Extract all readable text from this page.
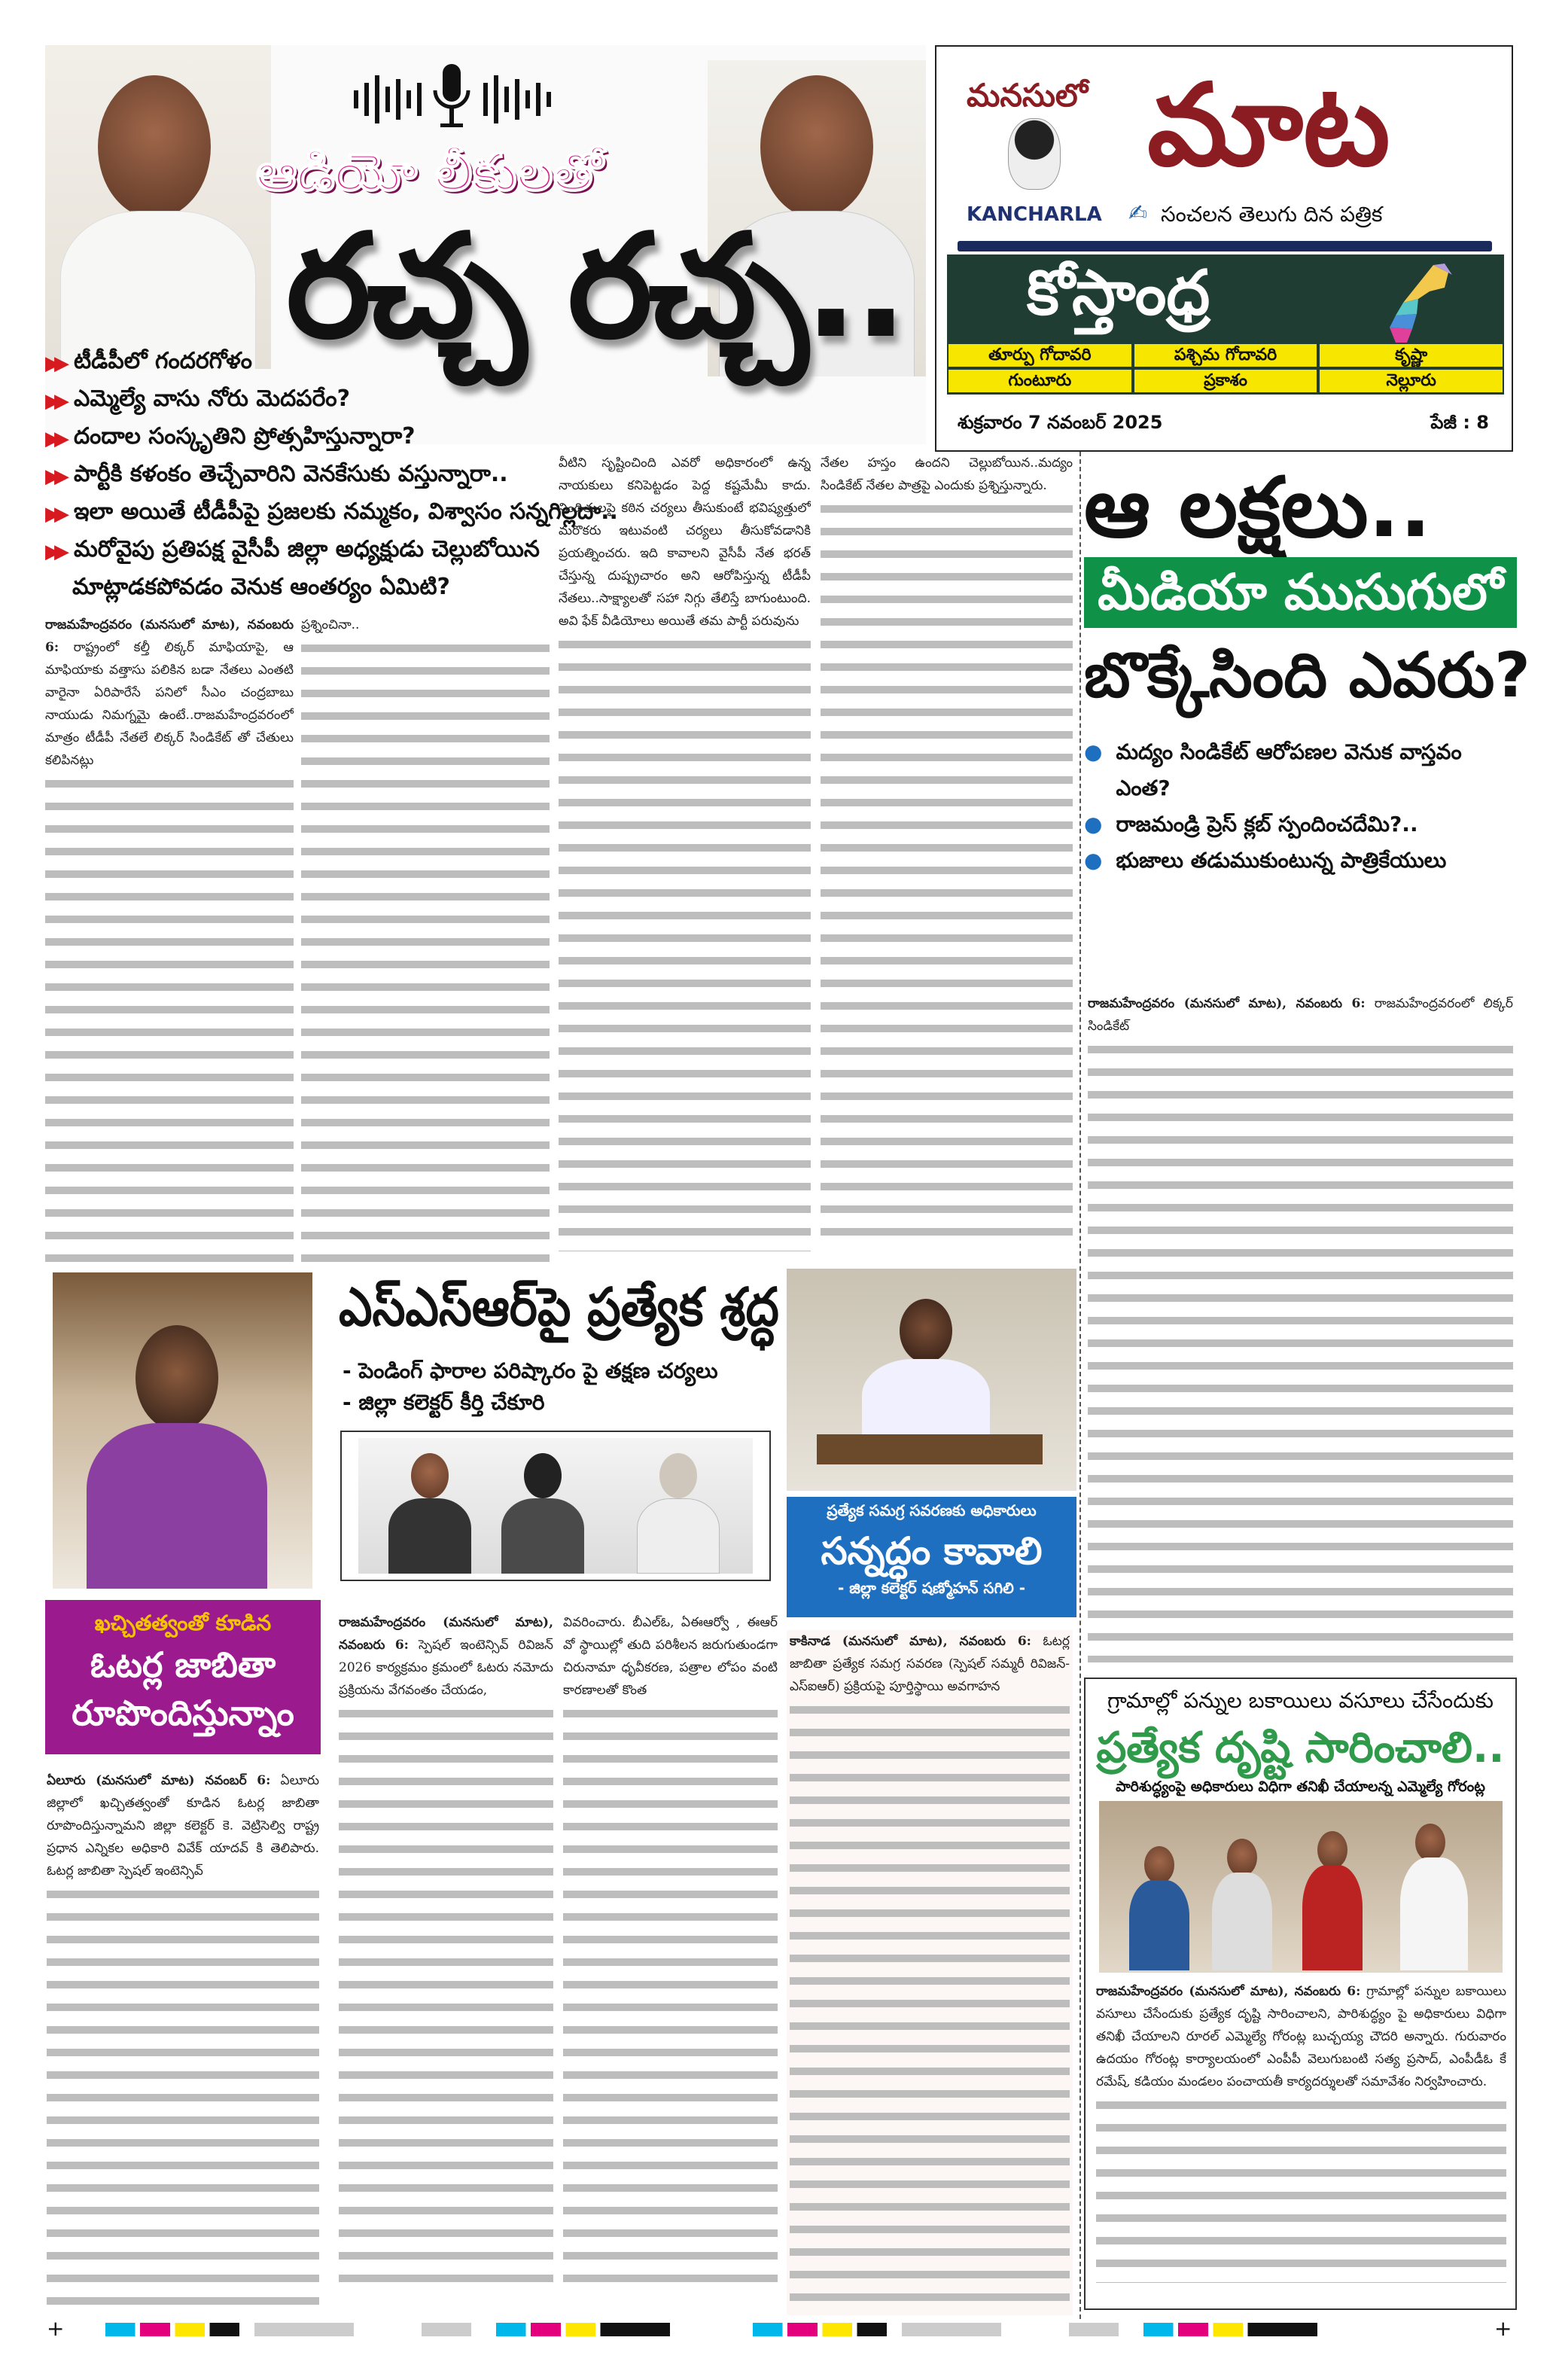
ఆడియో లీకులతో
రచ్చ రచ్చ..
▶▶ టీడీపీలో గందరగోళం
▶▶ ఎమ్మెల్యే వాసు నోరు మెదపరేం?
▶▶ దందాల సంస్కృతిని ప్రోత్సహిస్తున్నారా?
▶▶ పార్టీకి కళంకం తెచ్చేవారిని వెనకేసుకు వస్తున్నారా..
▶▶ ఇలా అయితే టీడీపీపై ప్రజలకు నమ్మకం, విశ్వాసం సన్నగిల్లదా..
▶▶ మరోవైపు ప్రతిపక్ష వైసీపీ జిల్లా అధ్యక్షుడు చెల్లుబోయిన
మాట్లాడకపోవడం వెనుక ఆంతర్యం ఏమిటి?
మనసులో మాట
KANCHARLA ✍ సంచలన తెలుగు దిన పత్రిక
కోస్తాంధ్ర
తూర్పు గోదావరి	పశ్చిమ గోదావరి	కృష్ణా
గుంటూరు	ప్రకాశం	నెల్లూరు
శుక్రవారం 7 నవంబర్ 2025	పేజీ : 8
రాజమహేంద్రవరం (మనసులో మాట), నవంబరు 6: రాష్ట్రంలో కల్తీ లిక్కర్ మాఫియాపై, ఆ మాఫియాకు వత్తాసు పలికిన బడా నేతలు ఎంతటి వారైనా ఏరిపారేసే పనిలో సీఎం చంద్రబాబు నాయుడు నిమగ్నమై ఉంటే..రాజమహేంద్రవరంలో మాత్రం టీడీపీ నేతలే లిక్కర్ సిండికేట్ తో చేతులు కలిపినట్లు
ప్రశ్నించినా..
వీటిని సృష్టించింది ఎవరో అధికారంలో ఉన్న నాయకులు కనిపెట్టడం పెద్ద కష్టమేమీ కాదు. నిందితులపై కఠిన చర్యలు తీసుకుంటే భవిష్యత్తులో మరొకరు ఇటువంటి చర్యలు తీసుకోవడానికి ప్రయత్నించరు. ఇది కావాలని వైసీపీ నేత భరత్ చేస్తున్న దుష్ప్రచారం అని ఆరోపిస్తున్న టీడీపీ నేతలు..సాక్ష్యాలతో సహా నిగ్గు తేలిస్తే బాగుంటుంది. అవి ఫేక్ వీడియోలు అయితే తమ పార్టీ పరువును
నేతల హస్తం ఉందని చెల్లుబోయిన..మద్యం సిండికేట్ నేతల పాత్రపై ఎందుకు ప్రశ్నిస్తున్నారు. ఆ లక్షలు..
మీడియా ముసుగులో
బొక్కేసింది ఎవరు?
● మద్యం సిండికేట్ ఆరోపణల వెనుక వాస్తవం ఎంత?
● రాజమండ్రి ప్రెస్ క్లబ్ స్పందించదేమి?..
● భుజాలు తడుముకుంటున్న పాత్రికేయులు
రాజమహేంద్రవరం (మనసులో మాట), నవంబరు 6: రాజమహేంద్రవరంలో లిక్కర్ సిండికేట్
ఖచ్చితత్వంతో కూడిన
ఓటర్ల జాబితా రూపొందిస్తున్నాం
ఏలూరు (మనసులో మాట) నవంబర్ 6: ఏలూరు జిల్లాలో ఖచ్చితత్వంతో కూడిన ఓటర్ల జాబితా రూపొందిస్తున్నామని జిల్లా కలెక్టర్ కె. వెట్రిసెల్వి రాష్ట్ర ప్రధాన ఎన్నికల అధికారి వివేక్ యాదవ్ కి తెలిపారు. ఓటర్ల జాబితా స్పెషల్ ఇంటెన్సివ్
ఎస్ఎస్ఆర్‌పై ప్రత్యేక శ్రద్ధ
- పెండింగ్ ఫారాల పరిష్కారం పై తక్షణ చర్యలు
- జిల్లా కలెక్టర్ కీర్తి చేకూరి
రాజమహేంద్రవరం (మనసులో మాట), నవంబరు 6: స్పెషల్ ఇంటెన్సివ్ రివిజన్ 2026 కార్యక్రమం క్రమంలో ఓటరు నమోదు ప్రక్రియను వేగవంతం చేయడం,
వివరించారు. బీఎల్ఓ, ఏఈఆర్వో , ఈఆర్ వో స్థాయిల్లో తుది పరిశీలన జరుగుతుండగా చిరునామా ధృవీకరణ, పత్రాల లోపం వంటి కారణాలతో కొంత
ప్రత్యేక సమగ్ర సవరణకు అధికారులు
సన్నద్ధం కావాలి
- జిల్లా కలెక్టర్ షణ్మోహన్ సగిలి -
కాకినాడ (మనసులో మాట), నవంబరు 6: ఓటర్ల జాబితా ప్రత్యేక సమగ్ర సవరణ (స్పెషల్ సమ్మరీ రివిజన్-ఎస్ఐఆర్) ప్రక్రియపై పూర్తిస్థాయి అవగాహన
గ్రామాల్లో పన్నుల బకాయిలు వసూలు చేసేందుకు
ప్రత్యేక దృష్టి సారించాలి..
పారిశుద్ధ్యంపై అధికారులు విధిగా తనిఖీ చేయాలన్న ఎమ్మెల్యే గోరంట్ల
రాజమహేంద్రవరం (మనసులో మాట), నవంబరు 6: గ్రామాల్లో పన్నుల బకాయిలు వసూలు చేసేందుకు ప్రత్యేక దృష్టి సారించాలని, పారిశుద్ధ్యం పై అధికారులు విధిగా తనిఖీ చేయాలని రూరల్ ఎమ్మెల్యే గోరంట్ల బుచ్చయ్య చౌదరి అన్నారు. గురువారం ఉదయం గోరంట్ల కార్యాలయంలో ఎంపీపీ వెలుగుబంటి సత్య ప్రసాద్, ఎంపీడీఓ కే రమేష్, కడియం మండలం పంచాయతీ కార్యదర్శులతో సమావేశం నిర్వహించారు.
+	+
